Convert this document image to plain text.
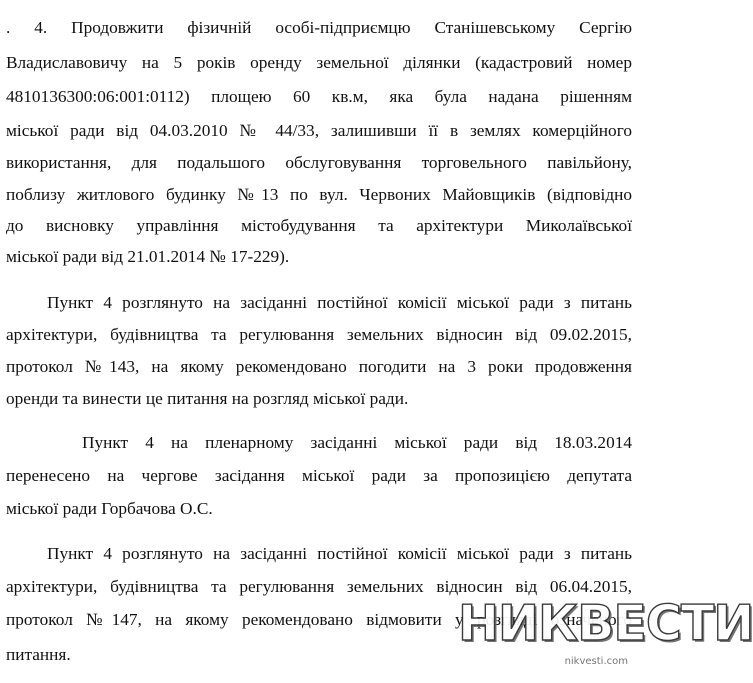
. 4. Продовжити фізичній особі-підприємцю Станішевському Сергію
Владиславовичу на 5 років оренду земельної ділянки (кадастровий номер
4810136300:06:001:0112) площею 60 кв.м, яка була надана рішенням
міської ради від 04.03.2010 № 44/33, залишивши її в землях комерційного
використання, для подальшого обслуговування торговельного павільйону,
поблизу житлового будинку №13 по вул. Червоних Майовщиків (відповідно
до висновку управління містобудування та архітектури Миколаївської
міської ради від 21.01.2014 № 17-229).
Пункт 4 розглянуто на засіданні постійної комісії міської ради з питань
архітектури, будівництва та регулювання земельних відносин від 09.02.2015,
протокол №143, на якому рекомендовано погодити на 3 роки продовження
оренди та винести це питання на розгляд міської ради.
Пункт 4 на пленарному засіданні міської ради від 18.03.2014
перенесено на чергове засідання міської ради за пропозицією депутата
міської ради Горбачова О.С.
Пункт 4 розглянуто на засіданні постійної комісії міської ради з питань
архітектури, будівництва та регулювання земельних відносин від 06.04.2015,
протокол №147, на якому рекомендовано відмовити у розгляді означеного
питання.
НИКВЕСТИ
nikvesti.com
